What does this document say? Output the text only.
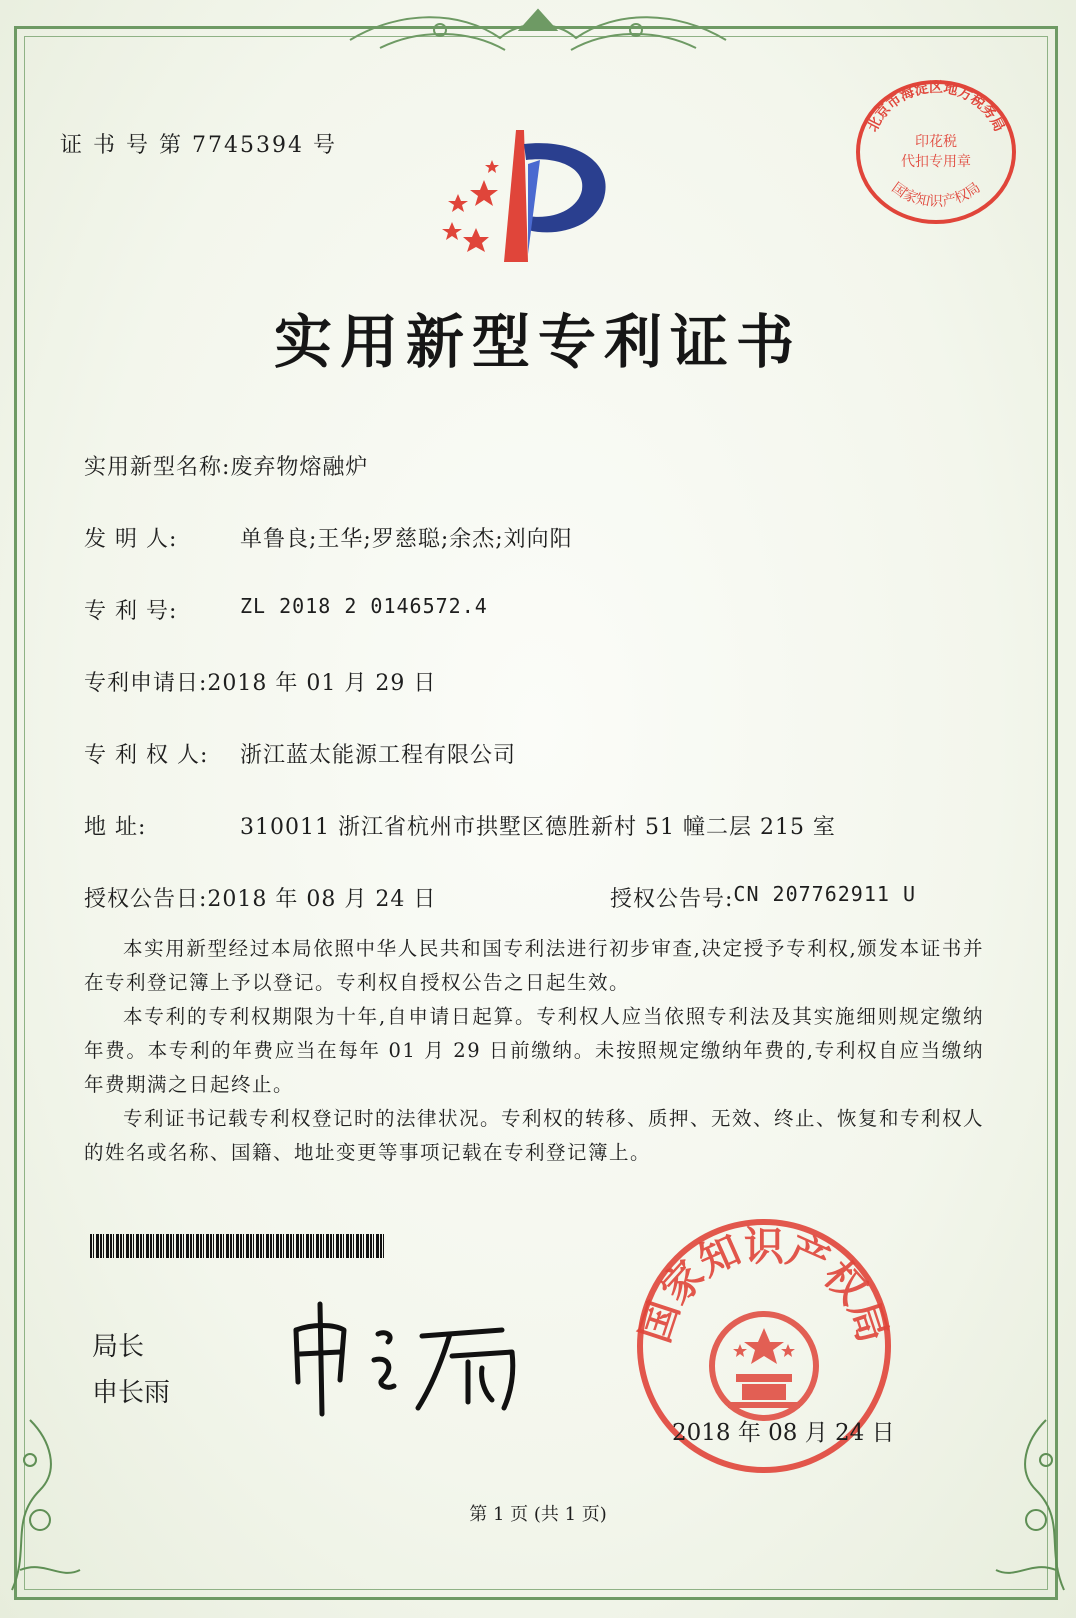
证 书 号 第 7745394 号
北京市海淀区地方税务局
印花税
代扣专用章
国家知识产权局
实用新型专利证书
实用新型名称: 废弃物熔融炉
发 明 人:	单鲁良;王华;罗慈聪;余杰;刘向阳
专 利 号:	ZL 2018 2 0146572.4
专利申请日: 2018 年 01 月 29 日
专 利 权 人:	浙江蓝太能源工程有限公司
地 址:	310011 浙江省杭州市拱墅区德胜新村 51 幢二层 215 室
授权公告日: 2018 年 08 月 24 日	授权公告号: CN 207762911 U

本实用新型经过本局依照中华人民共和国专利法进行初步审查,决定授予专利权,颁发本证书并在专利登记簿上予以登记。专利权自授权公告之日起生效。

本专利的专利权期限为十年,自申请日起算。专利权人应当依照专利法及其实施细则规定缴纳年费。本专利的年费应当在每年 01 月 29 日前缴纳。未按照规定缴纳年费的,专利权自应当缴纳年费期满之日起终止。

专利证书记载专利权登记时的法律状况。专利权的转移、质押、无效、终止、恢复和专利权人的姓名或名称、国籍、地址变更等事项记载在专利登记簿上。

局长
申长雨
国家知识产权局
2018 年 08 月 24 日
第 1 页 (共 1 页)
